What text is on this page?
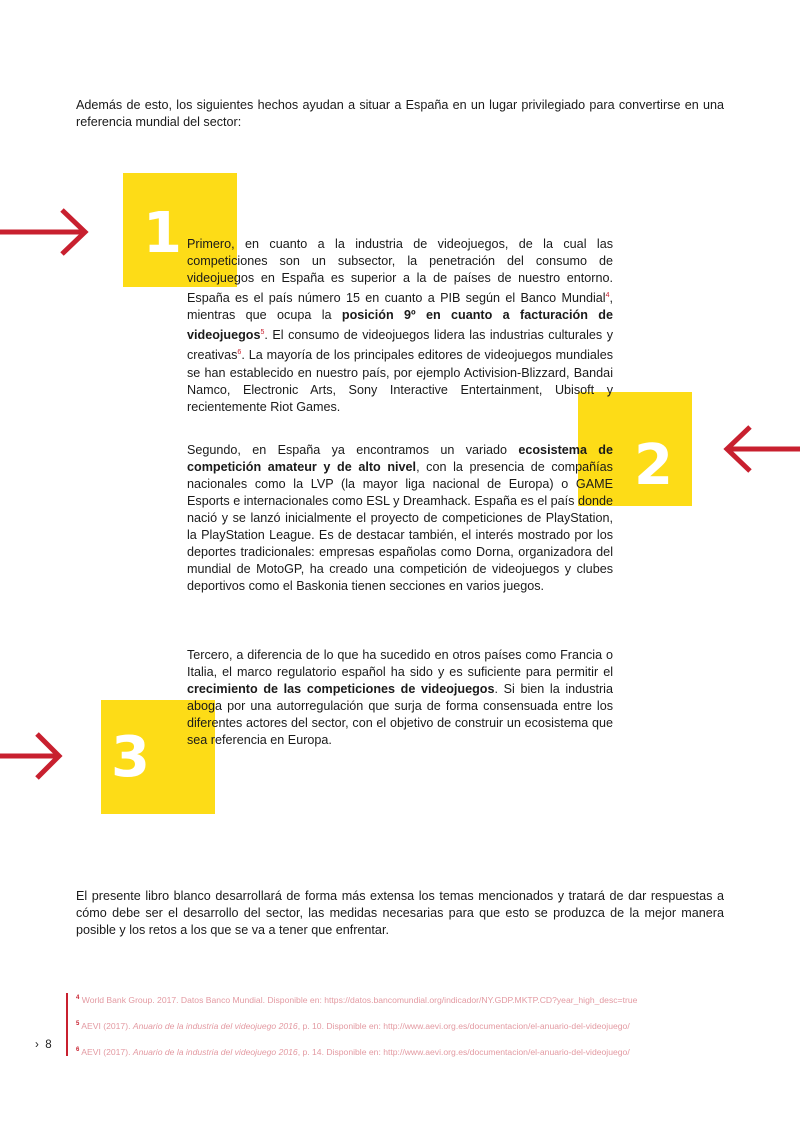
Además de esto, los siguientes hechos ayudan a situar a España en un lugar privilegiado para convertirse en una referencia mundial del sector:

1 Primero, en cuanto a la industria de videojuegos, de la cual las competiciones son un subsector, la penetración del consumo de videojuegos en España es superior a la de países de nuestro entorno. España es el país número 15 en cuanto a PIB según el Banco Mundial$^4$, mientras que ocupa la posición 9º en cuanto a facturación de videojuegos$^5$. El consumo de videojuegos lidera las industrias culturales y creativas$^6$. La mayoría de los principales editores de videojuegos mundiales se han establecido en nuestro país, por ejemplo Activision-Blizzard, Bandai Namco, Electronic Arts, Sony Interactive Entertainment, Ubisoft y recientemente Riot Games.

2

Segundo, en España ya encontramos un variado ecosistema de competición amateur y de alto nivel, con la presencia de compañías nacionales como la LVP (la mayor liga nacional de Europa) o GAME Esports e internacionales como ESL y Dreamhack. España es el país donde nació y se lanzó inicialmente el proyecto de competiciones de PlayStation, la PlayStation League. Es de destacar también, el interés mostrado por los deportes tradicionales: empresas españolas como Dorna, organizadora del mundial de MotoGP, ha creado una competición de videojuegos y clubes deportivos como el Baskonia tienen secciones en varios juegos.

3

Tercero, a diferencia de lo que ha sucedido en otros países como Francia o Italia, el marco regulatorio español ha sido y es suficiente para permitir el crecimiento de las competiciones de videojuegos. Si bien la industria aboga por una autorregulación que surja de forma consensuada entre los diferentes actores del sector, con el objetivo de construir un ecosistema que sea referencia en Europa.

El presente libro blanco desarrollará de forma más extensa los temas mencionados y tratará de dar respuestas a cómo debe ser el desarrollo del sector, las medidas necesarias para que esto se produzca de la mejor manera posible y los retos a los que se va a tener que enfrentar.

$^4$ World Bank Group. 2017. Datos Banco Mundial. Disponible en: https://datos.bancomundial.org/indicador/NY.GDP.MKTP.CD?year_high_desc=true
$^5$ AEVI (2017). Anuario de la industria del videojuego 2016, p. 10. Disponible en: http://www.aevi.org.es/documentacion/el-anuario-del-videojuego/
$^6$ AEVI (2017). Anuario de la industria del videojuego 2016, p. 14. Disponible en: http://www.aevi.org.es/documentacion/el-anuario-del-videojuego/
› 8
